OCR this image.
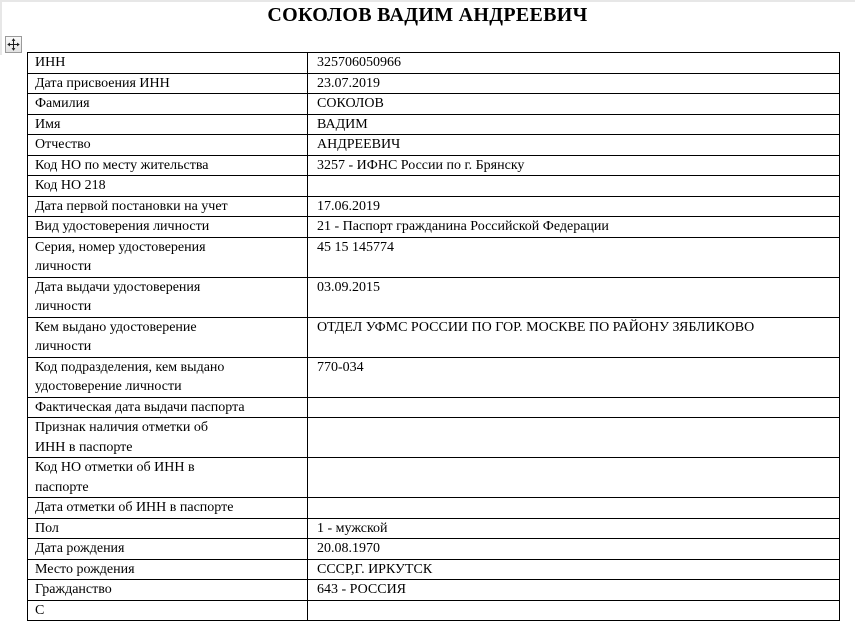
СОКОЛОВ ВАДИМ АНДРЕЕВИЧ
ИНН	325706050966

Дата присвоения ИНН	23.07.2019

Фамилия	СОКОЛОВ

Имя	ВАДИМ

Отчество	АНДРЕЕВИЧ

Код НО по месту жительства	3257 - ИФНС России по г. Брянску

Код НО 218	

Дата первой постановки на учет	17.06.2019

Вид удостоверения личности	21 - Паспорт гражданина Российской Федерации

Серия, номер удостоверения личности	45 15 145774

Дата выдачи удостоверения личности	03.09.2015

Кем выдано удостоверение личности	ОТДЕЛ УФМС РОССИИ ПО ГОР. МОСКВЕ ПО РАЙОНУ ЗЯБЛИКОВО

Код подразделения, кем выдано удостоверение личности	770-034

Фактическая дата выдачи паспорта	

Признак наличия отметки об ИНН в паспорте	

Код НО отметки об ИНН в паспорте	

Дата отметки об ИНН в паспорте	

Пол	1 - мужской

Дата рождения	20.08.1970

Место рождения	СССР,Г. ИРКУТСК

Гражданство	643 - РОССИЯ

С	
